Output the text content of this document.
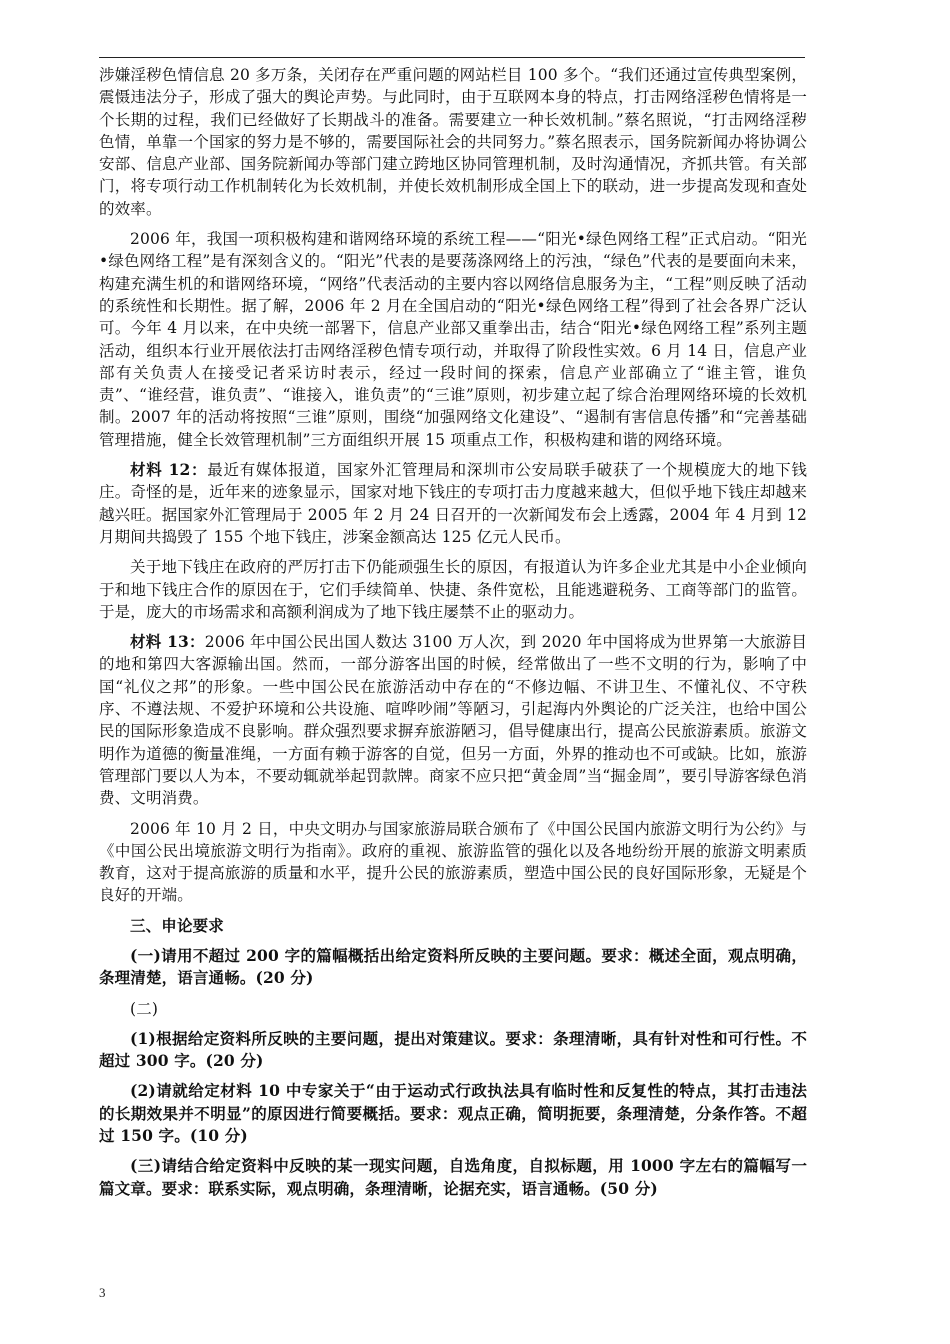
涉嫌淫秽色情信息 20 多万条，关闭存在严重问题的网站栏目 100 多个。“我们还通过宣传典型案例，震慑违法分子，形成了强大的舆论声势。与此同时，由于互联网本身的特点，打击网络淫秽色情将是一个长期的过程，我们已经做好了长期战斗的准备。需要建立一种长效机制。”蔡名照说，“打击网络淫秽色情，单靠一个国家的努力是不够的，需要国际社会的共同努力。”蔡名照表示，国务院新闻办将协调公安部、信息产业部、国务院新闻办等部门建立跨地区协同管理机制，及时沟通情况，齐抓共管。有关部门，将专项行动工作机制转化为长效机制，并使长效机制形成全国上下的联动，进一步提高发现和查处的效率。

2006 年，我国一项积极构建和谐网络环境的系统工程——“阳光•绿色网络工程”正式启动。“阳光•绿色网络工程”是有深刻含义的。“阳光”代表的是要荡涤网络上的污浊，“绿色”代表的是要面向未来，构建充满生机的和谐网络环境，“网络”代表活动的主要内容以网络信息服务为主，“工程”则反映了活动的系统性和长期性。据了解，2006 年 2 月在全国启动的“阳光•绿色网络工程”得到了社会各界广泛认可。今年 4 月以来，在中央统一部署下，信息产业部又重拳出击，结合“阳光•绿色网络工程”系列主题活动，组织本行业开展依法打击网络淫秽色情专项行动，并取得了阶段性实效。6 月 14 日，信息产业部有关负责人在接受记者采访时表示，经过一段时间的探索，信息产业部确立了“谁主管，谁负责”、“谁经营，谁负责”、“谁接入，谁负责”的“三谁”原则，初步建立起了综合治理网络环境的长效机制。2007 年的活动将按照“三谁”原则，围绕“加强网络文化建设”、“遏制有害信息传播”和“完善基础管理措施，健全长效管理机制”三方面组织开展 15 项重点工作，积极构建和谐的网络环境。

材料 12：最近有媒体报道，国家外汇管理局和深圳市公安局联手破获了一个规模庞大的地下钱庄。奇怪的是，近年来的迹象显示，国家对地下钱庄的专项打击力度越来越大，但似乎地下钱庄却越来越兴旺。据国家外汇管理局于 2005 年 2 月 24 日召开的一次新闻发布会上透露，2004 年 4 月到 12 月期间共捣毁了 155 个地下钱庄，涉案金额高达 125 亿元人民币。

关于地下钱庄在政府的严厉打击下仍能顽强生长的原因，有报道认为许多企业尤其是中小企业倾向于和地下钱庄合作的原因在于，它们手续简单、快捷、条件宽松，且能逃避税务、工商等部门的监管。于是，庞大的市场需求和高额利润成为了地下钱庄屡禁不止的驱动力。

材料 13：2006 年中国公民出国人数达 3100 万人次，到 2020 年中国将成为世界第一大旅游目的地和第四大客源输出国。然而，一部分游客出国的时候，经常做出了一些不文明的行为，影响了中国“礼仪之邦”的形象。一些中国公民在旅游活动中存在的“不修边幅、不讲卫生、不懂礼仪、不守秩序、不遵法规、不爱护环境和公共设施、喧哗吵闹”等陋习，引起海内外舆论的广泛关注，也给中国公民的国际形象造成不良影响。群众强烈要求摒弃旅游陋习，倡导健康出行，提高公民旅游素质。旅游文明作为道德的衡量准绳，一方面有赖于游客的自觉，但另一方面，外界的推动也不可或缺。比如，旅游管理部门要以人为本，不要动辄就举起罚款牌。商家不应只把“黄金周”当“掘金周”，要引导游客绿色消费、文明消费。

2006 年 10 月 2 日，中央文明办与国家旅游局联合颁布了《中国公民国内旅游文明行为公约》与《中国公民出境旅游文明行为指南》。政府的重视、旅游监管的强化以及各地纷纷开展的旅游文明素质教育，这对于提高旅游的质量和水平，提升公民的旅游素质，塑造中国公民的良好国际形象，无疑是个良好的开端。

三、申论要求

(一)请用不超过 200 字的篇幅概括出给定资料所反映的主要问题。要求：概述全面，观点明确，条理清楚，语言通畅。(20 分)

(二)

(1)根据给定资料所反映的主要问题，提出对策建议。要求：条理清晰，具有针对性和可行性。不超过 300 字。(20 分)

(2)请就给定材料 10 中专家关于“由于运动式行政执法具有临时性和反复性的特点，其打击违法的长期效果并不明显”的原因进行简要概括。要求：观点正确，简明扼要，条理清楚，分条作答。不超过 150 字。(10 分)

(三)请结合给定资料中反映的某一现实问题，自选角度，自拟标题，用 1000 字左右的篇幅写一篇文章。要求：联系实际，观点明确，条理清晰，论据充实，语言通畅。(50 分)

3
